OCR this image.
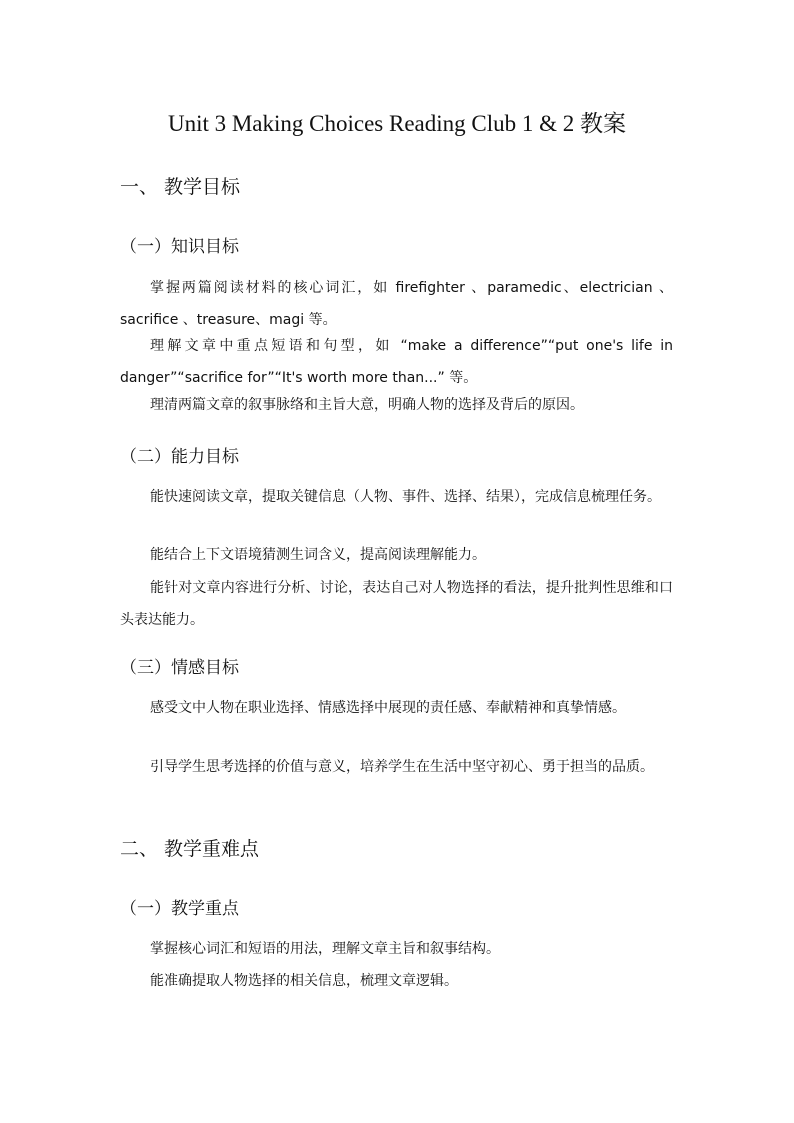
Unit 3 Making Choices Reading Club 1 & 2 教案
一、 教学目标
（一）知识目标

掌握两篇阅读材料的核心词汇，如 firefighter 、paramedic、electrician 、sacrifice 、treasure、magi 等。

理解文章中重点短语和句型，如 “make a difference”“put one's life in danger”“sacrifice for”“It's worth more than...” 等。

理清两篇文章的叙事脉络和主旨大意，明确人物的选择及背后的原因。

（二）能力目标

能快速阅读文章，提取关键信息（人物、事件、选择、结果），完成信息梳理任务。

能结合上下文语境猜测生词含义，提高阅读理解能力。

能针对文章内容进行分析、讨论，表达自己对人物选择的看法，提升批判性思维和口头表达能力。

（三）情感目标

感受文中人物在职业选择、情感选择中展现的责任感、奉献精神和真挚情感。

引导学生思考选择的价值与意义，培养学生在生活中坚守初心、勇于担当的品质。

二、 教学重难点
（一）教学重点

掌握核心词汇和短语的用法，理解文章主旨和叙事结构。

能准确提取人物选择的相关信息，梳理文章逻辑。
